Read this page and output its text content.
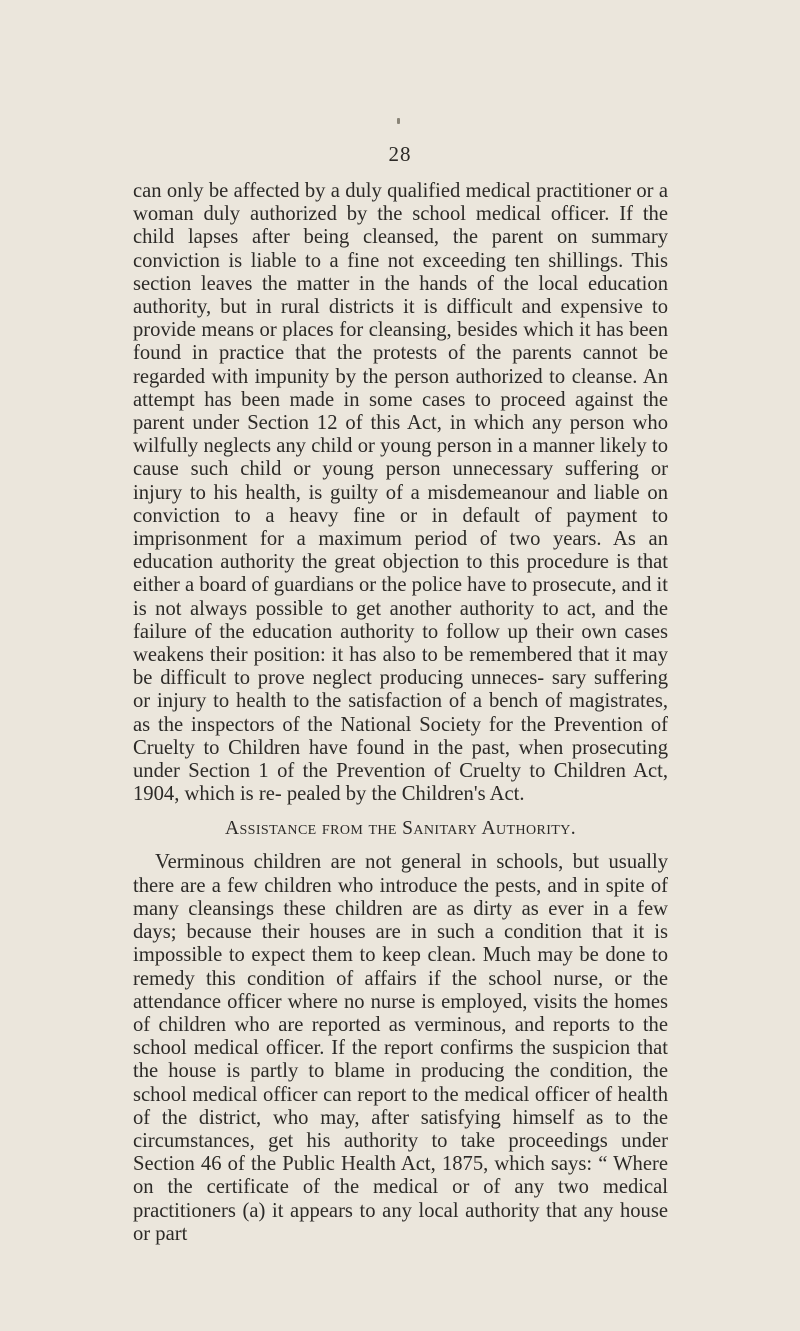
28

can only be affected by a duly qualified medical practitioner or a woman duly authorized by the school medical officer. If the child lapses after being cleansed, the parent on summary conviction is liable to a fine not exceeding ten shillings. This section leaves the matter in the hands of the local education authority, but in rural districts it is difficult and expensive to provide means or places for cleansing, besides which it has been found in practice that the protests of the parents cannot be regarded with impunity by the person authorized to cleanse. An attempt has been made in some cases to proceed against the parent under Section 12 of this Act, in which any person who wilfully neglects any child or young person in a manner likely to cause such child or young person unnecessary suffering or injury to his health, is guilty of a misdemeanour and liable on conviction to a heavy fine or in default of payment to imprisonment for a maximum period of two years. As an education authority the great objection to this procedure is that either a board of guardians or the police have to prosecute, and it is not always possible to get another authority to act, and the failure of the education authority to follow up their own cases weakens their position: it has also to be remembered that it may be difficult to prove neglect producing unneces- sary suffering or injury to health to the satisfaction of a bench of magistrates, as the inspectors of the National Society for the Prevention of Cruelty to Children have found in the past, when prosecuting under Section 1 of the Prevention of Cruelty to Children Act, 1904, which is re- pealed by the Children's Act.

Assistance from the Sanitary Authority.

Verminous children are not general in schools, but usually there are a few children who introduce the pests, and in spite of many cleansings these children are as dirty as ever in a few days; because their houses are in such a condition that it is impossible to expect them to keep clean. Much may be done to remedy this condition of affairs if the school nurse, or the attendance officer where no nurse is employed, visits the homes of children who are reported as verminous, and reports to the school medical officer. If the report confirms the suspicion that the house is partly to blame in producing the condition, the school medical officer can report to the medical officer of health of the district, who may, after satisfying himself as to the circumstances, get his authority to take proceedings under Section 46 of the Public Health Act, 1875, which says: “ Where on the certificate of the medical or of any two medical practitioners (a) it appears to any local authority that any house or part
